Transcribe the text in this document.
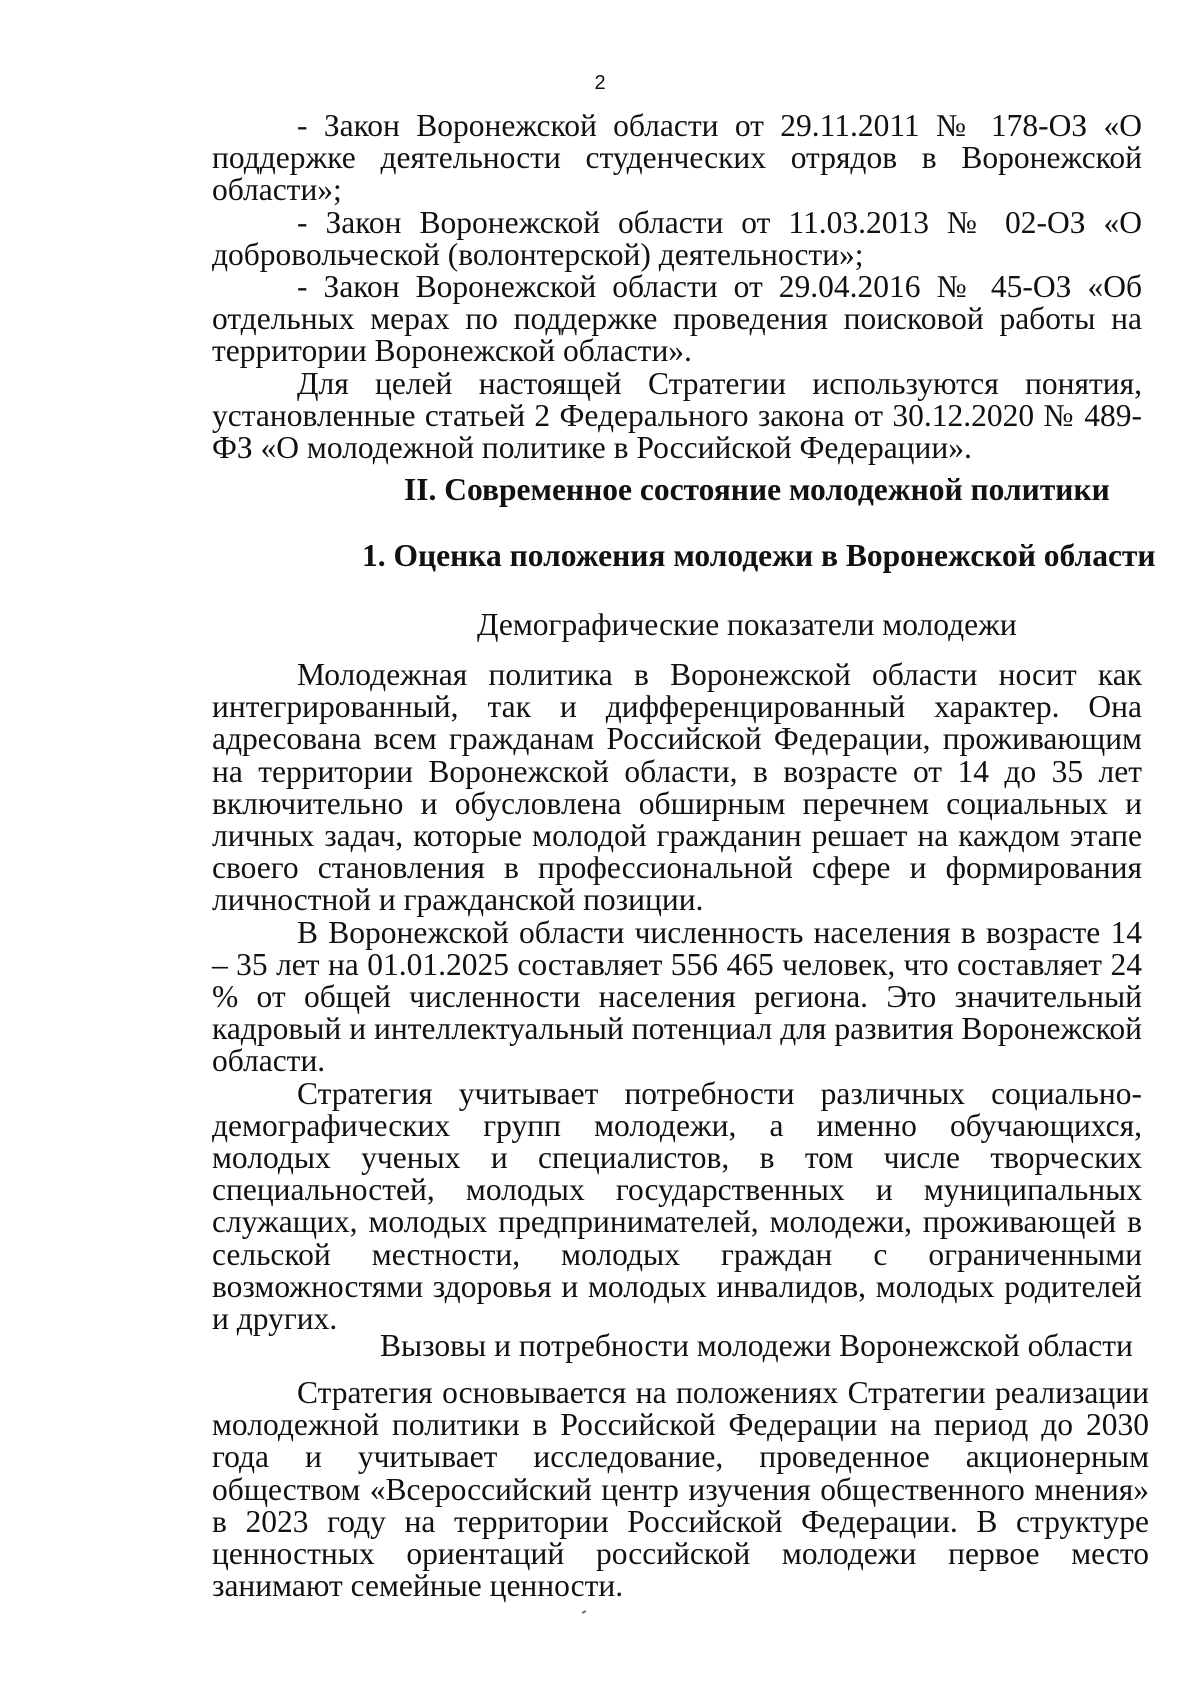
2

- Закон Воронежской области от 29.11.2011 № 178-ОЗ «О поддержке деятельности студенческих отрядов в Воронежской области»;

- Закон Воронежской области от 11.03.2013 № 02-ОЗ «О добровольческой (волонтерской) деятельности»;

- Закон Воронежской области от 29.04.2016 № 45-ОЗ «Об отдельных мерах по поддержке проведения поисковой работы на территории Воронежской области».

Для целей настоящей Стратегии используются понятия, установленные статьей 2 Федерального закона от 30.12.2020 № 489-ФЗ «О молодежной политике в Российской Федерации».

II. Современное состояние молодежной политики

1. Оценка положения молодежи в Воронежской области

Демографические показатели молодежи

Молодежная политика в Воронежской области носит как интегрированный, так и дифференцированный характер. Она адресована всем гражданам Российской Федерации, проживающим на территории Воронежской области, в возрасте от 14 до 35 лет включительно и обусловлена обширным перечнем социальных и личных задач, которые молодой гражданин решает на каждом этапе своего становления в профессиональной сфере и формирования личностной и гражданской позиции.

В Воронежской области численность населения в возрасте 14 – 35 лет на 01.01.2025 составляет 556 465 человек, что составляет 24 % от общей численности населения региона. Это значительный кадровый и интеллектуальный потенциал для развития Воронежской области.

Стратегия учитывает потребности различных социально-демографических групп молодежи, а именно обучающихся, молодых ученых и специалистов, в том числе творческих специальностей, молодых государственных и муниципальных служащих, молодых предпринимателей, молодежи, проживающей в сельской местности, молодых граждан с ограниченными возможностями здоровья и молодых инвалидов, молодых родителей и других.

Вызовы и потребности молодежи Воронежской области

Стратегия основывается на положениях Стратегии реализации молодежной политики в Российской Федерации на период до 2030 года и учитывает исследование, проведенное акционерным обществом «Всероссийский центр изучения общественного мнения» в 2023 году на территории Российской Федерации. В структуре ценностных ориентаций российской молодежи первое место занимают семейные ценности.
